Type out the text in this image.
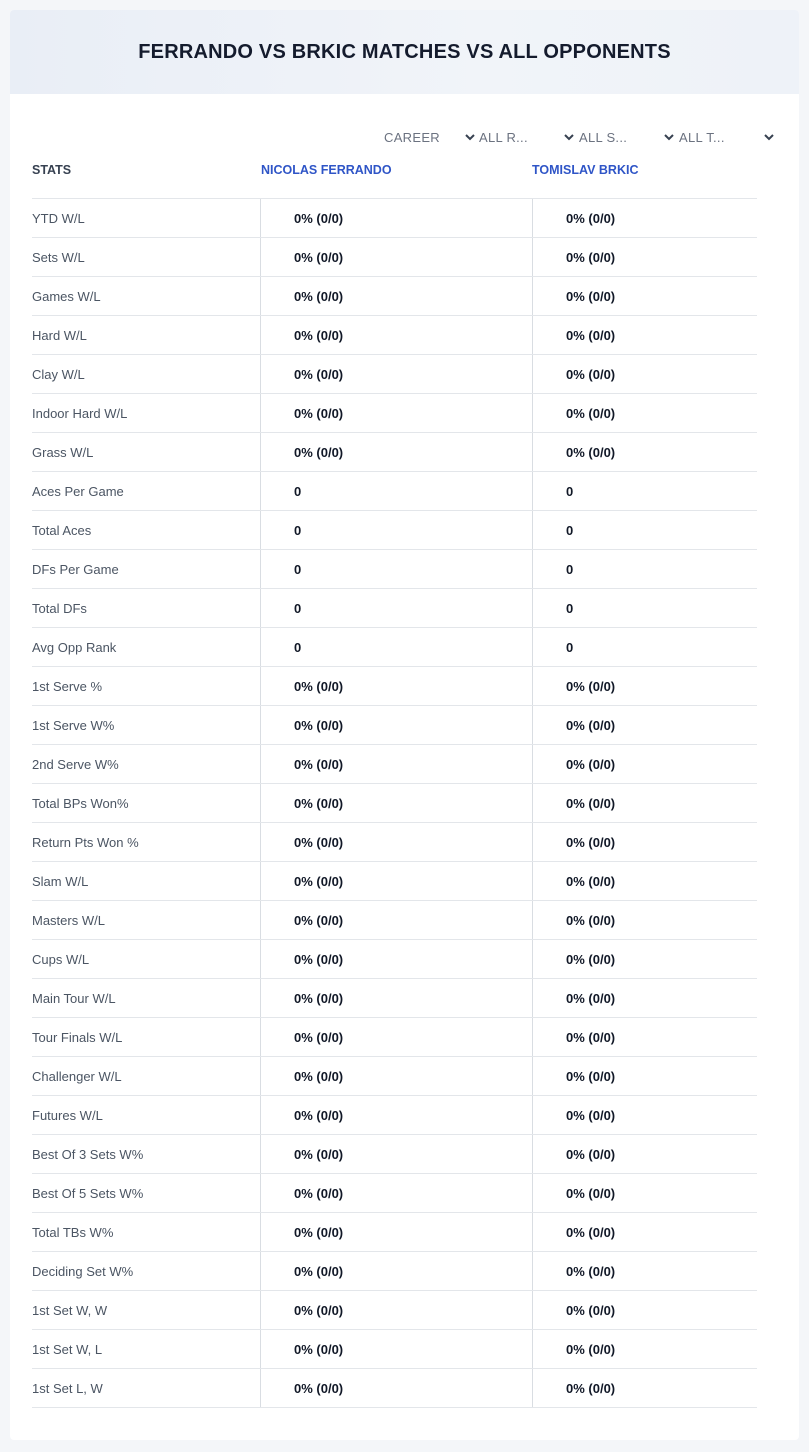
FERRANDO VS BRKIC MATCHES VS ALL OPPONENTS
CAREER	ALL R...	ALL S...	ALL T...
STATS	NICOLAS FERRANDO	TOMISLAV BRKIC
YTD W/L	0% (0/0)	0% (0/0)
Sets W/L	0% (0/0)	0% (0/0)
Games W/L	0% (0/0)	0% (0/0)
Hard W/L	0% (0/0)	0% (0/0)
Clay W/L	0% (0/0)	0% (0/0)
Indoor Hard W/L	0% (0/0)	0% (0/0)
Grass W/L	0% (0/0)	0% (0/0)
Aces Per Game	0	0
Total Aces	0	0
DFs Per Game	0	0
Total DFs	0	0
Avg Opp Rank	0	0
1st Serve %	0% (0/0)	0% (0/0)
1st Serve W%	0% (0/0)	0% (0/0)
2nd Serve W%	0% (0/0)	0% (0/0)
Total BPs Won%	0% (0/0)	0% (0/0)
Return Pts Won %	0% (0/0)	0% (0/0)
Slam W/L	0% (0/0)	0% (0/0)
Masters W/L	0% (0/0)	0% (0/0)
Cups W/L	0% (0/0)	0% (0/0)
Main Tour W/L	0% (0/0)	0% (0/0)
Tour Finals W/L	0% (0/0)	0% (0/0)
Challenger W/L	0% (0/0)	0% (0/0)
Futures W/L	0% (0/0)	0% (0/0)
Best Of 3 Sets W%	0% (0/0)	0% (0/0)
Best Of 5 Sets W%	0% (0/0)	0% (0/0)
Total TBs W%	0% (0/0)	0% (0/0)
Deciding Set W%	0% (0/0)	0% (0/0)
1st Set W, W	0% (0/0)	0% (0/0)
1st Set W, L	0% (0/0)	0% (0/0)
1st Set L, W	0% (0/0)	0% (0/0)
